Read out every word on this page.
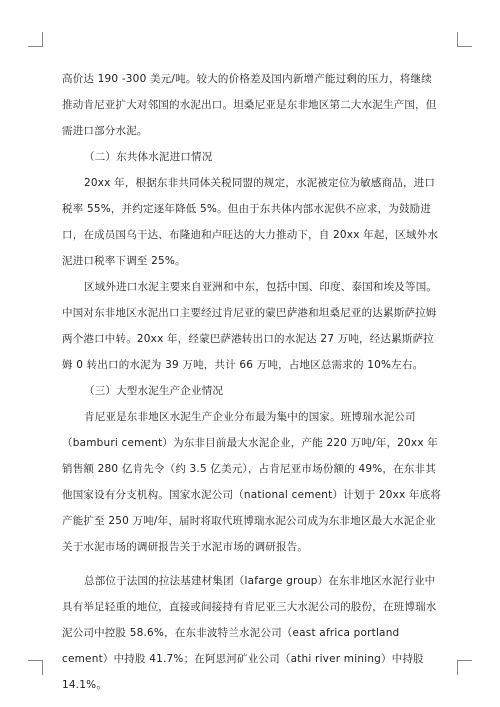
高价达 190 -300 美元/吨。较大的价格差及国内新增产能过剩的压力，将继续推动肯尼亚扩大对邻国的水泥出口。坦桑尼亚是东非地区第二大水泥生产国，但需进口部分水泥。

（二）东共体水泥进口情况

20xx 年，根据东非共同体关税同盟的规定，水泥被定位为敏感商品，进口税率 55%，并约定逐年降低 5%。但由于东共体内部水泥供不应求，为鼓励进口，在成员国乌干达、布隆迪和卢旺达的大力推动下，自 20xx 年起，区域外水泥进口税率下调至 25%。

区域外进口水泥主要来自亚洲和中东，包括中国、印度、泰国和埃及等国。中国对东非地区水泥出口主要经过肯尼亚的蒙巴萨港和坦桑尼亚的达累斯萨拉姆两个港口中转。20xx 年，经蒙巴萨港转出口的水泥达 27 万吨，经达累斯萨拉姆 0 转出口的水泥为 39 万吨，共计 66 万吨，占地区总需求的 10%左右。

（三）大型水泥生产企业情况

肯尼亚是东非地区水泥生产企业分布最为集中的国家。班博瑞水泥公司（bamburi cement）为东非目前最大水泥企业，产能 220 万吨/年，20xx 年销售额 280 亿肯先令（约 3.5 亿美元），占肯尼亚市场份额的 49%，在东非其他国家设有分支机构。国家水泥公司（national cement）计划于 20xx 年底将产能扩至 250 万吨/年，届时将取代班博瑞水泥公司成为东非地区最大水泥企业关于水泥市场的调研报告关于水泥市场的调研报告。

总部位于法国的拉法基建材集团（lafarge group）在东非地区水泥行业中具有举足轻重的地位，直接或间接持有肯尼亚三大水泥公司的股份，在班博瑞水泥公司中控股 58.6%，在东非波特兰水泥公司（east africa portland cement）中持股 41.7%；在阿思河矿业公司（athi river mining）中持股 14.1%。
